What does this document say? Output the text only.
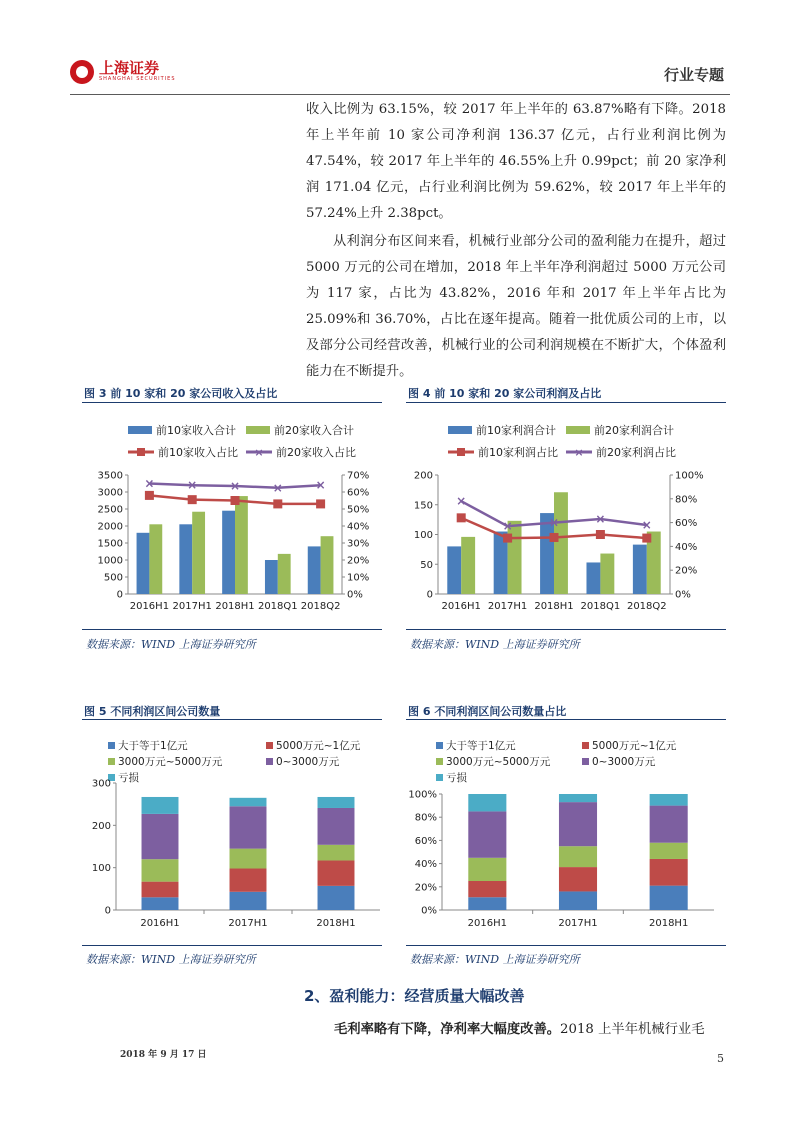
上海证券
SHANGHAI SECURITIES	行业专题

收入比例为 63.15%，较 2017 年上半年的 63.87%略有下降。2018 年上半年前 10 家公司净利润 136.37 亿元，占行业利润比例为 47.54%，较 2017 年上半年的 46.55%上升 0.99pct；前 20 家净利润 171.04 亿元，占行业利润比例为 59.62%，较 2017 年上半年的 57.24%上升 2.38pct。

从利润分布区间来看，机械行业部分公司的盈利能力在提升，超过 5000 万元的公司在增加，2018 年上半年净利润超过 5000 万元公司为 117 家，占比为 43.82%，2016 年和 2017 年上半年占比为 25.09%和 36.70%，占比在逐年提高。随着一批优质公司的上市，以及部分公司经营改善，机械行业的公司利润规模在不断扩大，个体盈利能力在不断提升。

图 3 前 10 家和 20 家公司收入及占比	图 4 前 10 家和 20 家公司利润及占比
前10家收入合计	前20家收入合计
前10家收入占比 × 前20家收入占比
0
500
1000
1500
2000
2500
3000
3500
0%
10%
20%
30%
40%
50%
60%
70%
2016H1 2017H1 2018H1 2018Q1 2018Q2
×	×	×	×	×
前10家利润合计	前20家利润合计
前10家利润占比 × 前20家利润占比
0
50
100
150
200
0%
20%
40%
60%
80%
100%
2016H1 2017H1 2018H1 2018Q1 2018Q2
×
×	×	×	×
数据来源：WIND 上海证券研究所	数据来源：WIND 上海证券研究所
图 5 不同利润区间公司数量	图 6 不同利润区间公司数量占比
大于等于1亿元	5000万元~1亿元
3000万元~5000万元	0~3000万元
亏损
0
100
200
300
2016H1	2017H1	2018H1
大于等于1亿元	5000万元~1亿元
3000万元~5000万元	0~3000万元
亏损
0%
20%
40%
60%
80%
100%
2016H1	2017H1	2018H1
数据来源：WIND 上海证券研究所	数据来源：WIND 上海证券研究所
2、盈利能力：经营质量大幅改善
毛利率略有下降，净利率大幅度改善。2018 上半年机械行业毛
2018 年 9 月 17 日	5
